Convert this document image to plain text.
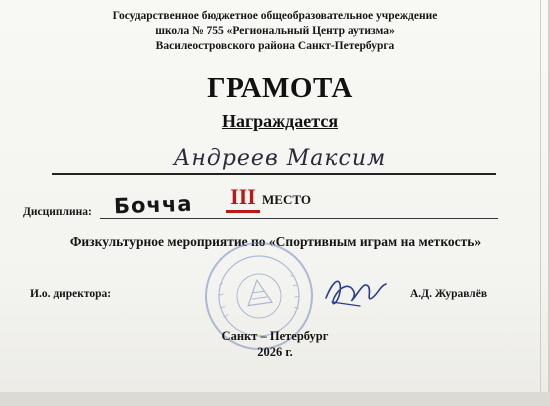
Государственное бюджетное общеобразовательное учреждение
школа № 755 «Региональный Центр аутизма»
Василеостровского района Санкт-Петербурга
ГРАМОТА
Награждается
Андреев Максим
III МЕСТО
Дисциплина: Бочча
Физкультурное мероприятие по «Спортивным играм на меткость»
И.о. директора:	А.Д. Журавлёв
Санкт – Петербург
2026 г.
